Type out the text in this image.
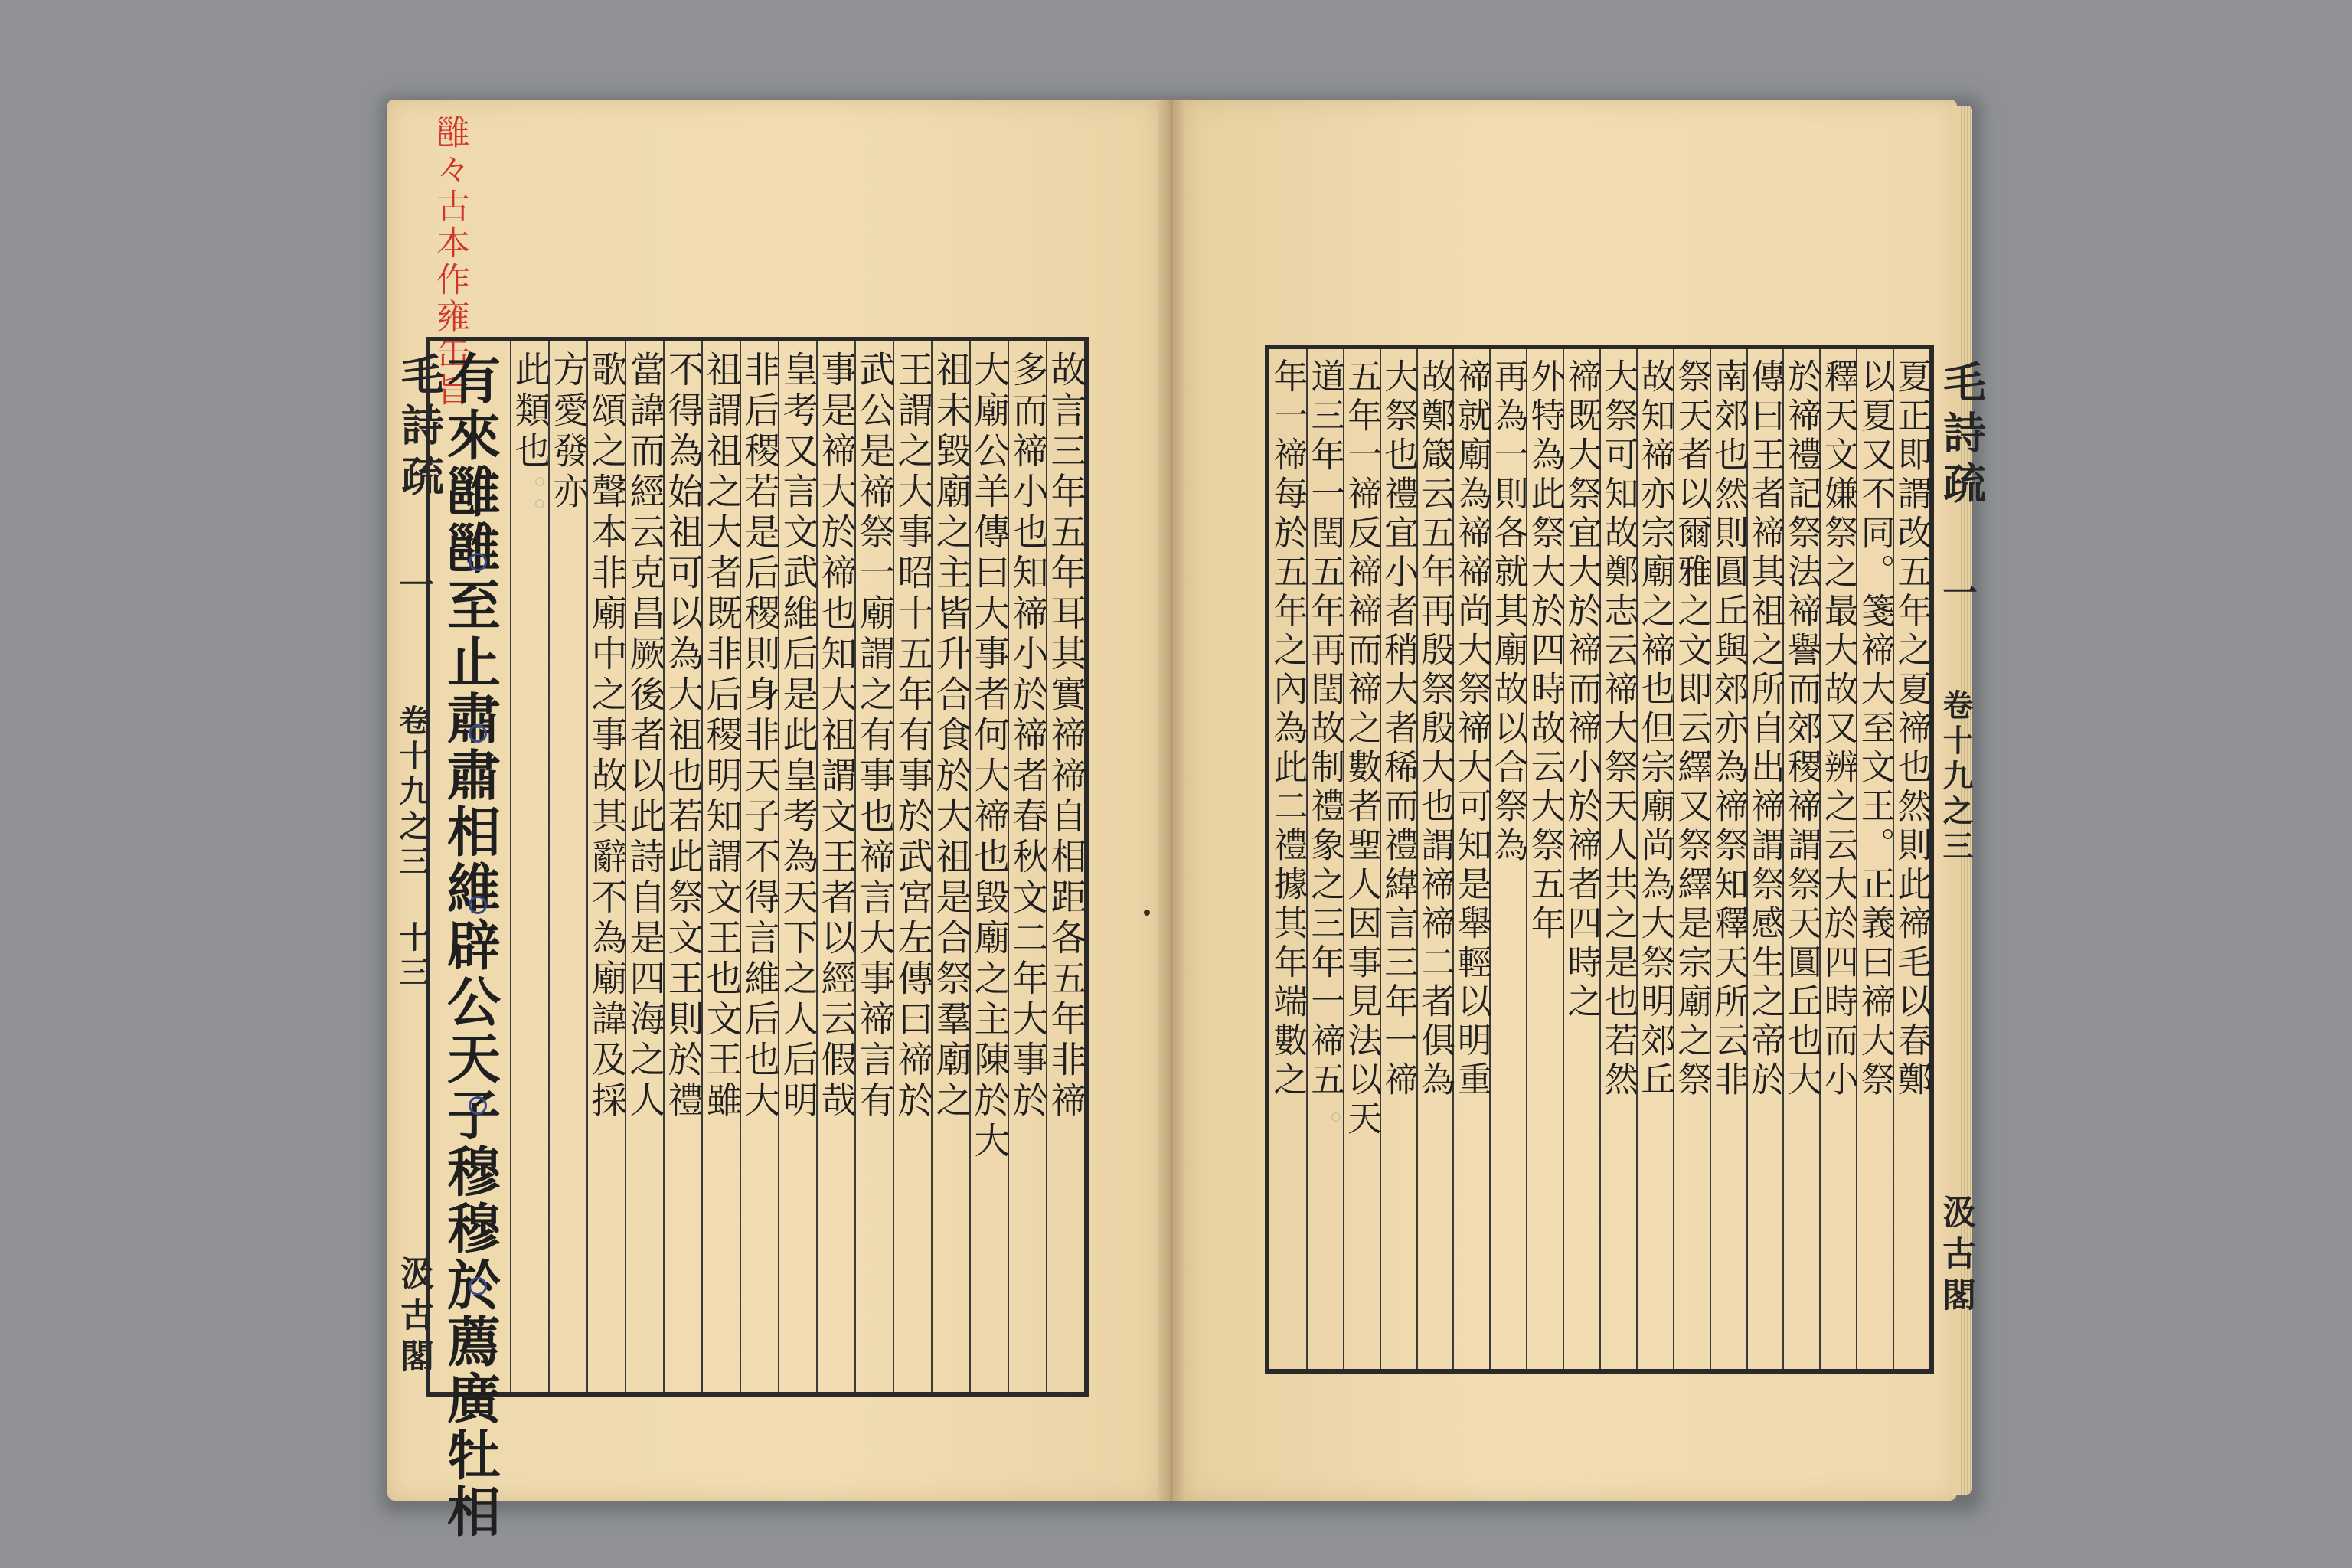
。。
。
雝々古本作雍缶旨
毛詩疏
一
卷十九之三 十三
汲古閣 有來雝雝至止肅肅相維辟公天子穆穆於薦廣牡相 此類也
方愛發亦
歌頌之聲本非廟中之事故其辭不為廟諱及採
當諱而經云克昌厥後者以此詩自是四海之人
不得為始祖可以為大祖也若此祭文王則於禮
祖謂祖之大者既非后稷明知謂文王也文王雖
非后稷若是后稷則身非天子不得言維后也大
皇考又言文武維后是此皇考為天下之人后明
事是禘大於禘也知大祖謂文王者以經云假哉
武公是禘祭一廟謂之有事也禘言大事禘言有
王謂之大事昭十五年有事於武宮左傳曰禘於
祖未毀廟之主皆升合食於大祖是合祭羣廟之
大廟公羊傳曰大事者何大禘也毀廟之主陳於大
多而禘小也知禘小於禘者春秋文二年大事於
故言三年五年耳其實禘禘自相距各五年非禘	毛詩疏
一
卷十九之三
汲古閣
夏正即謂改五年之夏禘也然則此禘毛以春鄭
以夏又不同。箋禘大至文王。正義曰禘大祭
釋天文嫌祭之最大故又辨之云大於四時而小
於禘禮記祭法禘譽而郊稷禘謂祭天圓丘也大
傳曰王者禘其祖之所自出禘謂祭感生之帝於
南郊也然則圓丘與郊亦為禘祭知釋天所云非
祭天者以爾雅之文即云繹又祭繹是宗廟之祭
故知禘亦宗廟之禘也但宗廟尚為大祭明郊丘
大祭可知故鄭志云禘大祭天人共之是也若然
禘既大祭宜大於禘而禘小於禘者四時之
外特為此祭大於四時故云大祭五年
再為一則各就其廟故以合祭為
禘就廟為禘禘尚大祭禘大可知是舉輕以明重
故鄭箴云五年再殷祭殷大也謂禘禘二者俱為
大祭也禮宜小者稍大者稀而禮緯言三年一禘
五年一禘反禘禘而禘之數者聖人因事見法以天
道三年一閏五年再閏故制禮象之三年一禘五
年一禘每於五年之內為此二禮據其年端數之
